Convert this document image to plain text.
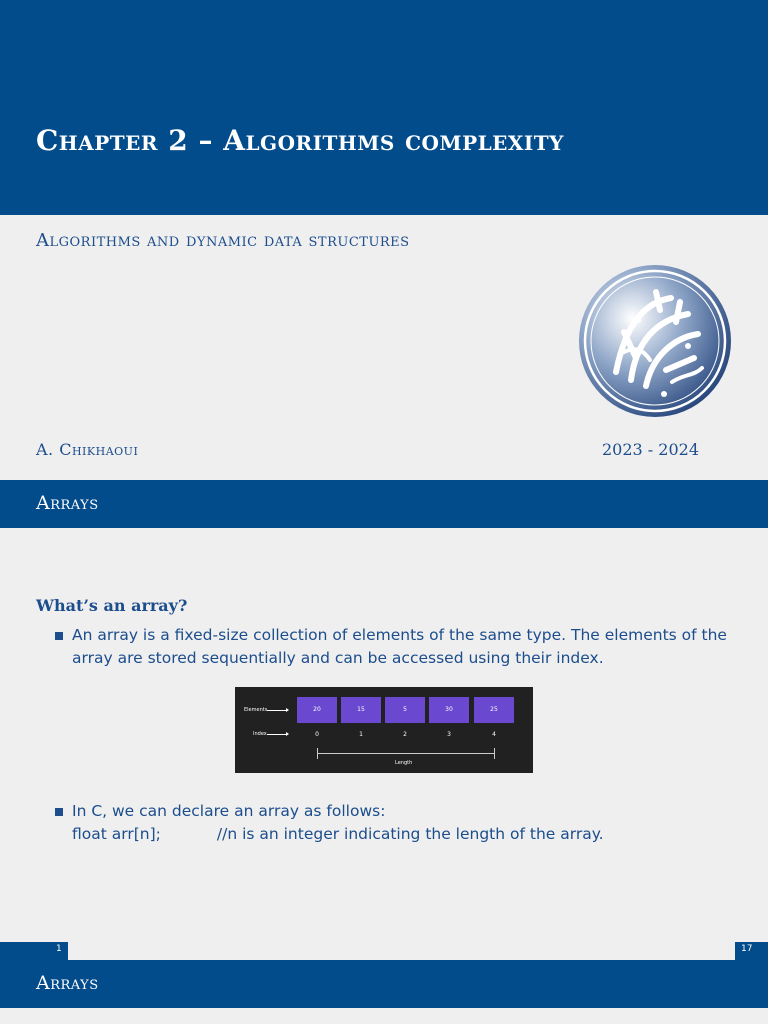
Chapter 2 – Algorithms complexity
Algorithms and dynamic data structures
A. Chikhaoui	2023 - 2024
Arrays
What’s an array?
An array is a fixed-size collection of elements of the same type. The elements of the array are stored sequentially and can be accessed using their index.
Elements
Index
20	15	5	30	25
0	1	2	3	4
Length
In C, we can declare an array as follows:
float arr[n];	//n is an integer indicating the length of the array.
1	17
Arrays
